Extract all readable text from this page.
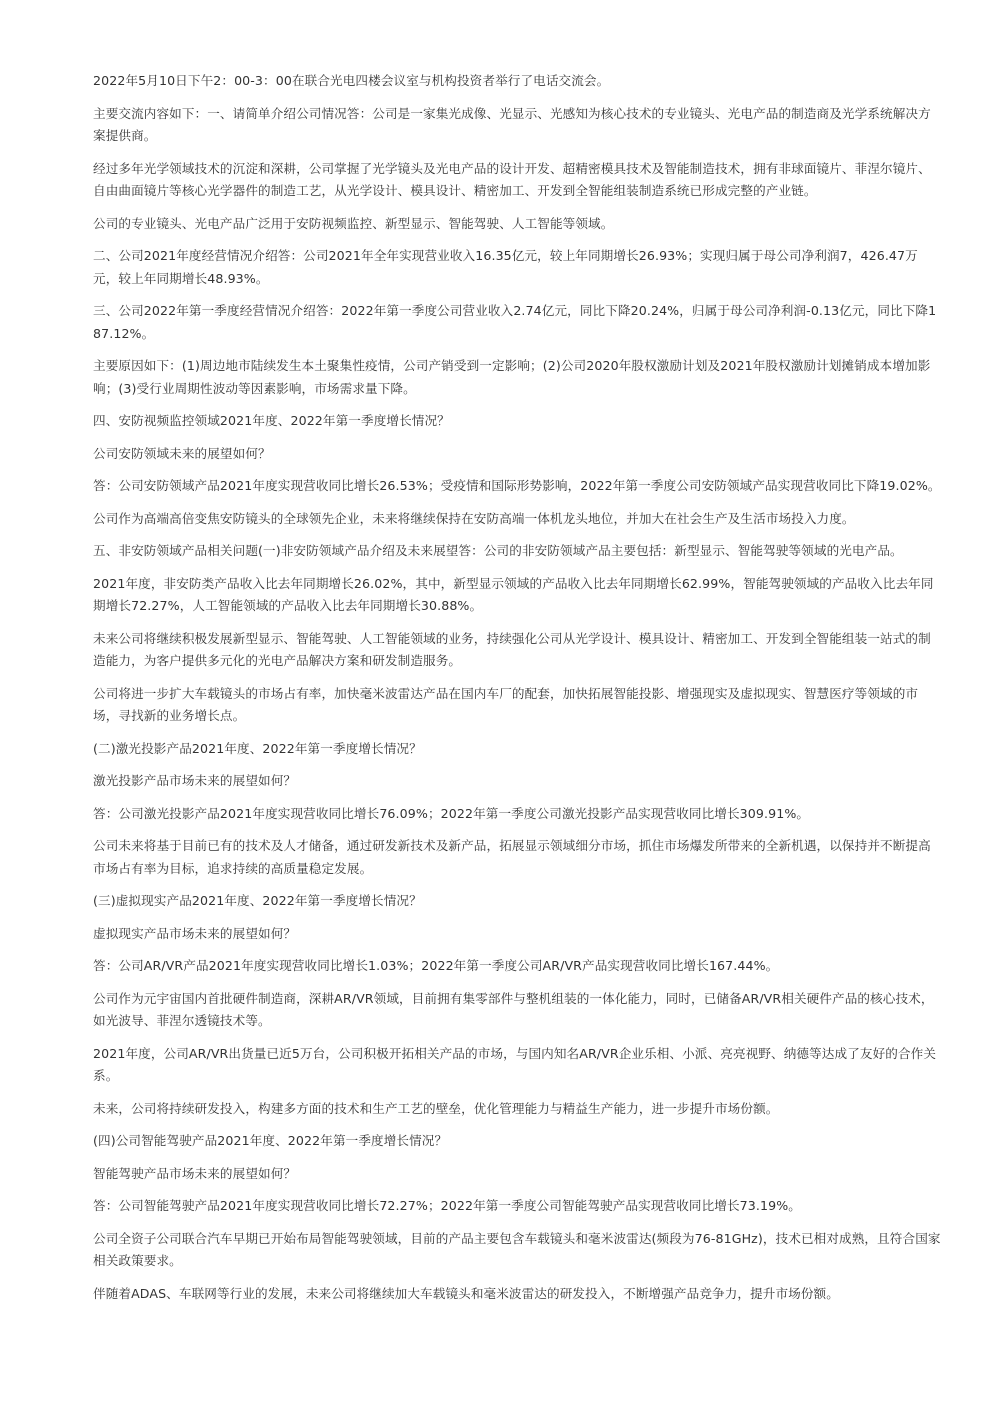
2022年5月10日下午2：00-3：00在联合光电四楼会议室与机构投资者举行了电话交流会。

主要交流内容如下：一、请简单介绍公司情况答：公司是一家集光成像、光显示、光感知为核心技术的专业镜头、光电产品的制造商及光学系统解决方案提供商。

经过多年光学领域技术的沉淀和深耕，公司掌握了光学镜头及光电产品的设计开发、超精密模具技术及智能制造技术，拥有非球面镜片、菲涅尔镜片、自由曲面镜片等核心光学器件的制造工艺，从光学设计、模具设计、精密加工、开发到全智能组装制造系统已形成完整的产业链。

公司的专业镜头、光电产品广泛用于安防视频监控、新型显示、智能驾驶、人工智能等领域。

二、公司2021年度经营情况介绍答：公司2021年全年实现营业收入16.35亿元，较上年同期增长26.93%；实现归属于母公司净利润7，426.47万元，较上年同期增长48.93%。

三、公司2022年第一季度经营情况介绍答：2022年第一季度公司营业收入2.74亿元，同比下降20.24%，归属于母公司净利润-0.13亿元，同比下降187.12%。

主要原因如下：(1)周边地市陆续发生本土聚集性疫情，公司产销受到一定影响；(2)公司2020年股权激励计划及2021年股权激励计划摊销成本增加影响；(3)受行业周期性波动等因素影响，市场需求量下降。

四、安防视频监控领域2021年度、2022年第一季度增长情况？

公司安防领域未来的展望如何？

答：公司安防领域产品2021年度实现营收同比增长26.53%；受疫情和国际形势影响，2022年第一季度公司安防领域产品实现营收同比下降19.02%。

公司作为高端高倍变焦安防镜头的全球领先企业，未来将继续保持在安防高端一体机龙头地位，并加大在社会生产及生活市场投入力度。

五、非安防领域产品相关问题(一)非安防领域产品介绍及未来展望答：公司的非安防领域产品主要包括：新型显示、智能驾驶等领域的光电产品。

2021年度，非安防类产品收入比去年同期增长26.02%，其中，新型显示领域的产品收入比去年同期增长62.99%，智能驾驶领域的产品收入比去年同期增长72.27%，人工智能领域的产品收入比去年同期增长30.88%。

未来公司将继续积极发展新型显示、智能驾驶、人工智能领域的业务，持续强化公司从光学设计、模具设计、精密加工、开发到全智能组装一站式的制造能力，为客户提供多元化的光电产品解决方案和研发制造服务。

公司将进一步扩大车载镜头的市场占有率，加快毫米波雷达产品在国内车厂的配套，加快拓展智能投影、增强现实及虚拟现实、智慧医疗等领域的市场，寻找新的业务增长点。

(二)激光投影产品2021年度、2022年第一季度增长情况？

激光投影产品市场未来的展望如何？

答：公司激光投影产品2021年度实现营收同比增长76.09%；2022年第一季度公司激光投影产品实现营收同比增长309.91%。

公司未来将基于目前已有的技术及人才储备，通过研发新技术及新产品，拓展显示领域细分市场，抓住市场爆发所带来的全新机遇，以保持并不断提高市场占有率为目标，追求持续的高质量稳定发展。

(三)虚拟现实产品2021年度、2022年第一季度增长情况？

虚拟现实产品市场未来的展望如何？

答：公司AR/VR产品2021年度实现营收同比增长1.03%；2022年第一季度公司AR/VR产品实现营收同比增长167.44%。

公司作为元宇宙国内首批硬件制造商，深耕AR/VR领域，目前拥有集零部件与整机组装的一体化能力，同时，已储备AR/VR相关硬件产品的核心技术，如光波导、菲涅尔透镜技术等。

2021年度，公司AR/VR出货量已近5万台，公司积极开拓相关产品的市场，与国内知名AR/VR企业乐相、小派、亮亮视野、纳德等达成了友好的合作关系。

未来，公司将持续研发投入，构建多方面的技术和生产工艺的壁垒，优化管理能力与精益生产能力，进一步提升市场份额。

(四)公司智能驾驶产品2021年度、2022年第一季度增长情况？

智能驾驶产品市场未来的展望如何？

答：公司智能驾驶产品2021年度实现营收同比增长72.27%；2022年第一季度公司智能驾驶产品实现营收同比增长73.19%。

公司全资子公司联合汽车早期已开始布局智能驾驶领域，目前的产品主要包含车载镜头和毫米波雷达(频段为76-81GHz)，技术已相对成熟，且符合国家相关政策要求。

伴随着ADAS、车联网等行业的发展，未来公司将继续加大车载镜头和毫米波雷达的研发投入，不断增强产品竞争力，提升市场份额。
